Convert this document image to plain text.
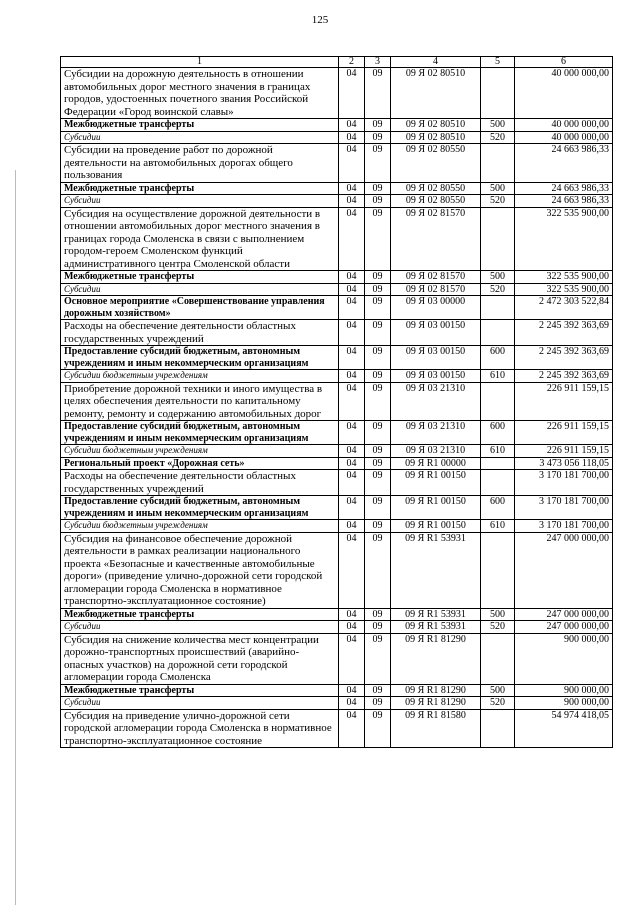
125
1	2	3	4	5	6
Субсидии на дорожную деятельность в отношении автомобильных дорог местного значения в границах городов, удостоенных почетного звания Российской Федерации «Город воинской славы»	04	09	09 Я 02 80510		40 000 000,00
Межбюджетные трансферты	04	09	09 Я 02 80510	500	40 000 000,00
Субсидии	04	09	09 Я 02 80510	520	40 000 000,00
Субсидии на проведение работ по дорожной деятельности на автомобильных дорогах общего пользования	04	09	09 Я 02 80550		24 663 986,33
Межбюджетные трансферты	04	09	09 Я 02 80550	500	24 663 986,33
Субсидии	04	09	09 Я 02 80550	520	24 663 986,33
Субсидия на осуществление дорожной деятельности в отношении автомобильных дорог местного значения в границах города Смоленска в связи с выполнением городом-героем Смоленском функций административного центра Смоленской области	04	09	09 Я 02 81570		322 535 900,00
Межбюджетные трансферты	04	09	09 Я 02 81570	500	322 535 900,00
Субсидии	04	09	09 Я 02 81570	520	322 535 900,00
Основное мероприятие «Совершенствование управления дорожным хозяйством»	04	09	09 Я 03 00000		2 472 303 522,84
Расходы на обеспечение деятельности областных государственных учреждений	04	09	09 Я 03 00150		2 245 392 363,69
Предоставление субсидий бюджетным, автономным учреждениям и иным некоммерческим организациям	04	09	09 Я 03 00150	600	2 245 392 363,69
Субсидии бюджетным учреждениям	04	09	09 Я 03 00150	610	2 245 392 363,69
Приобретение дорожной техники и иного имущества в целях обеспечения деятельности по капитальному ремонту, ремонту и содержанию автомобильных дорог	04	09	09 Я 03 21310		226 911 159,15
Предоставление субсидий бюджетным, автономным учреждениям и иным некоммерческим организациям	04	09	09 Я 03 21310	600	226 911 159,15
Субсидии бюджетным учреждениям	04	09	09 Я 03 21310	610	226 911 159,15
Региональный проект «Дорожная сеть»	04	09	09 Я R1 00000		3 473 056 118,05
Расходы на обеспечение деятельности областных государственных учреждений	04	09	09 Я R1 00150		3 170 181 700,00
Предоставление субсидий бюджетным, автономным учреждениям и иным некоммерческим организациям	04	09	09 Я R1 00150	600	3 170 181 700,00
Субсидии бюджетным учреждениям	04	09	09 Я R1 00150	610	3 170 181 700,00
Субсидия на финансовое обеспечение дорожной деятельности в рамках реализации национального проекта «Безопасные и качественные автомобильные дороги» (приведение улично-дорожной сети городской агломерации города Смоленска в нормативное транспортно-эксплуатационное состояние)	04	09	09 Я R1 53931		247 000 000,00
Межбюджетные трансферты	04	09	09 Я R1 53931	500	247 000 000,00
Субсидии	04	09	09 Я R1 53931	520	247 000 000,00
Субсидия на снижение количества мест концентрации дорожно-транспортных происшествий (аварийно-опасных участков) на дорожной сети городской агломерации города Смоленска	04	09	09 Я R1 81290		900 000,00
Межбюджетные трансферты	04	09	09 Я R1 81290	500	900 000,00
Субсидии	04	09	09 Я R1 81290	520	900 000,00
Субсидия на приведение улично-дорожной сети городской агломерации города Смоленска в нормативное транспортно-эксплуатационное состояние	04	09	09 Я R1 81580		54 974 418,05
